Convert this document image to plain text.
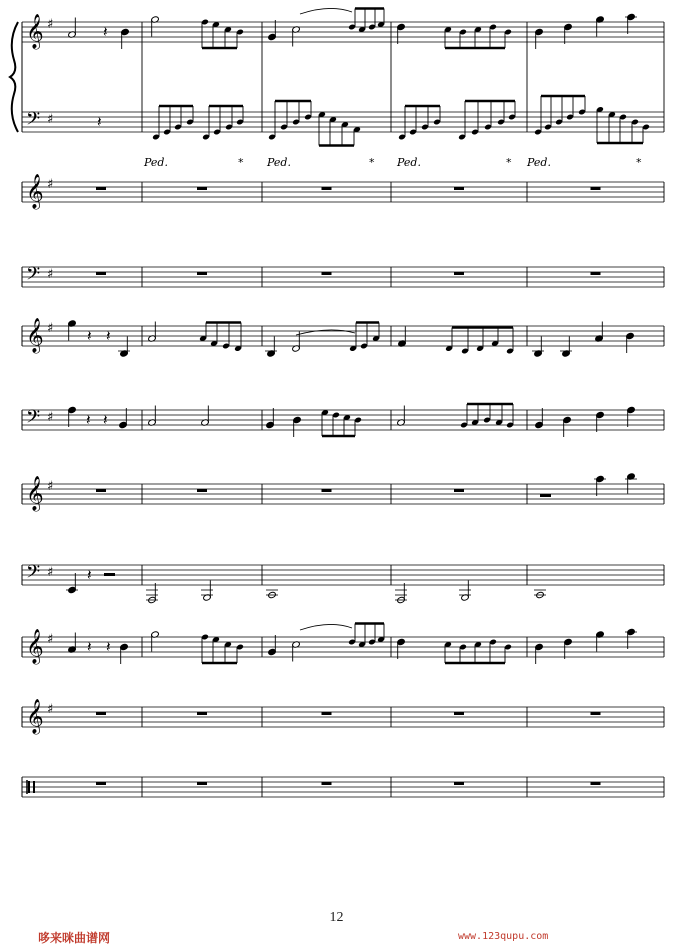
𝄞 ♯
𝄢 ♯
𝄞 ♯
𝄢 ♯
𝄞 ♯
𝄢 ♯
𝄞 ♯
𝄢 ♯
𝄞 ♯
𝄞 ♯
𝄽
𝄽
Ped.	* Ped.	* Ped.	* Ped.	*
𝄽 𝄽
𝄽 𝄽
𝄽
𝄽 𝄽
12
哆来咪曲谱网	www.123qupu.com
